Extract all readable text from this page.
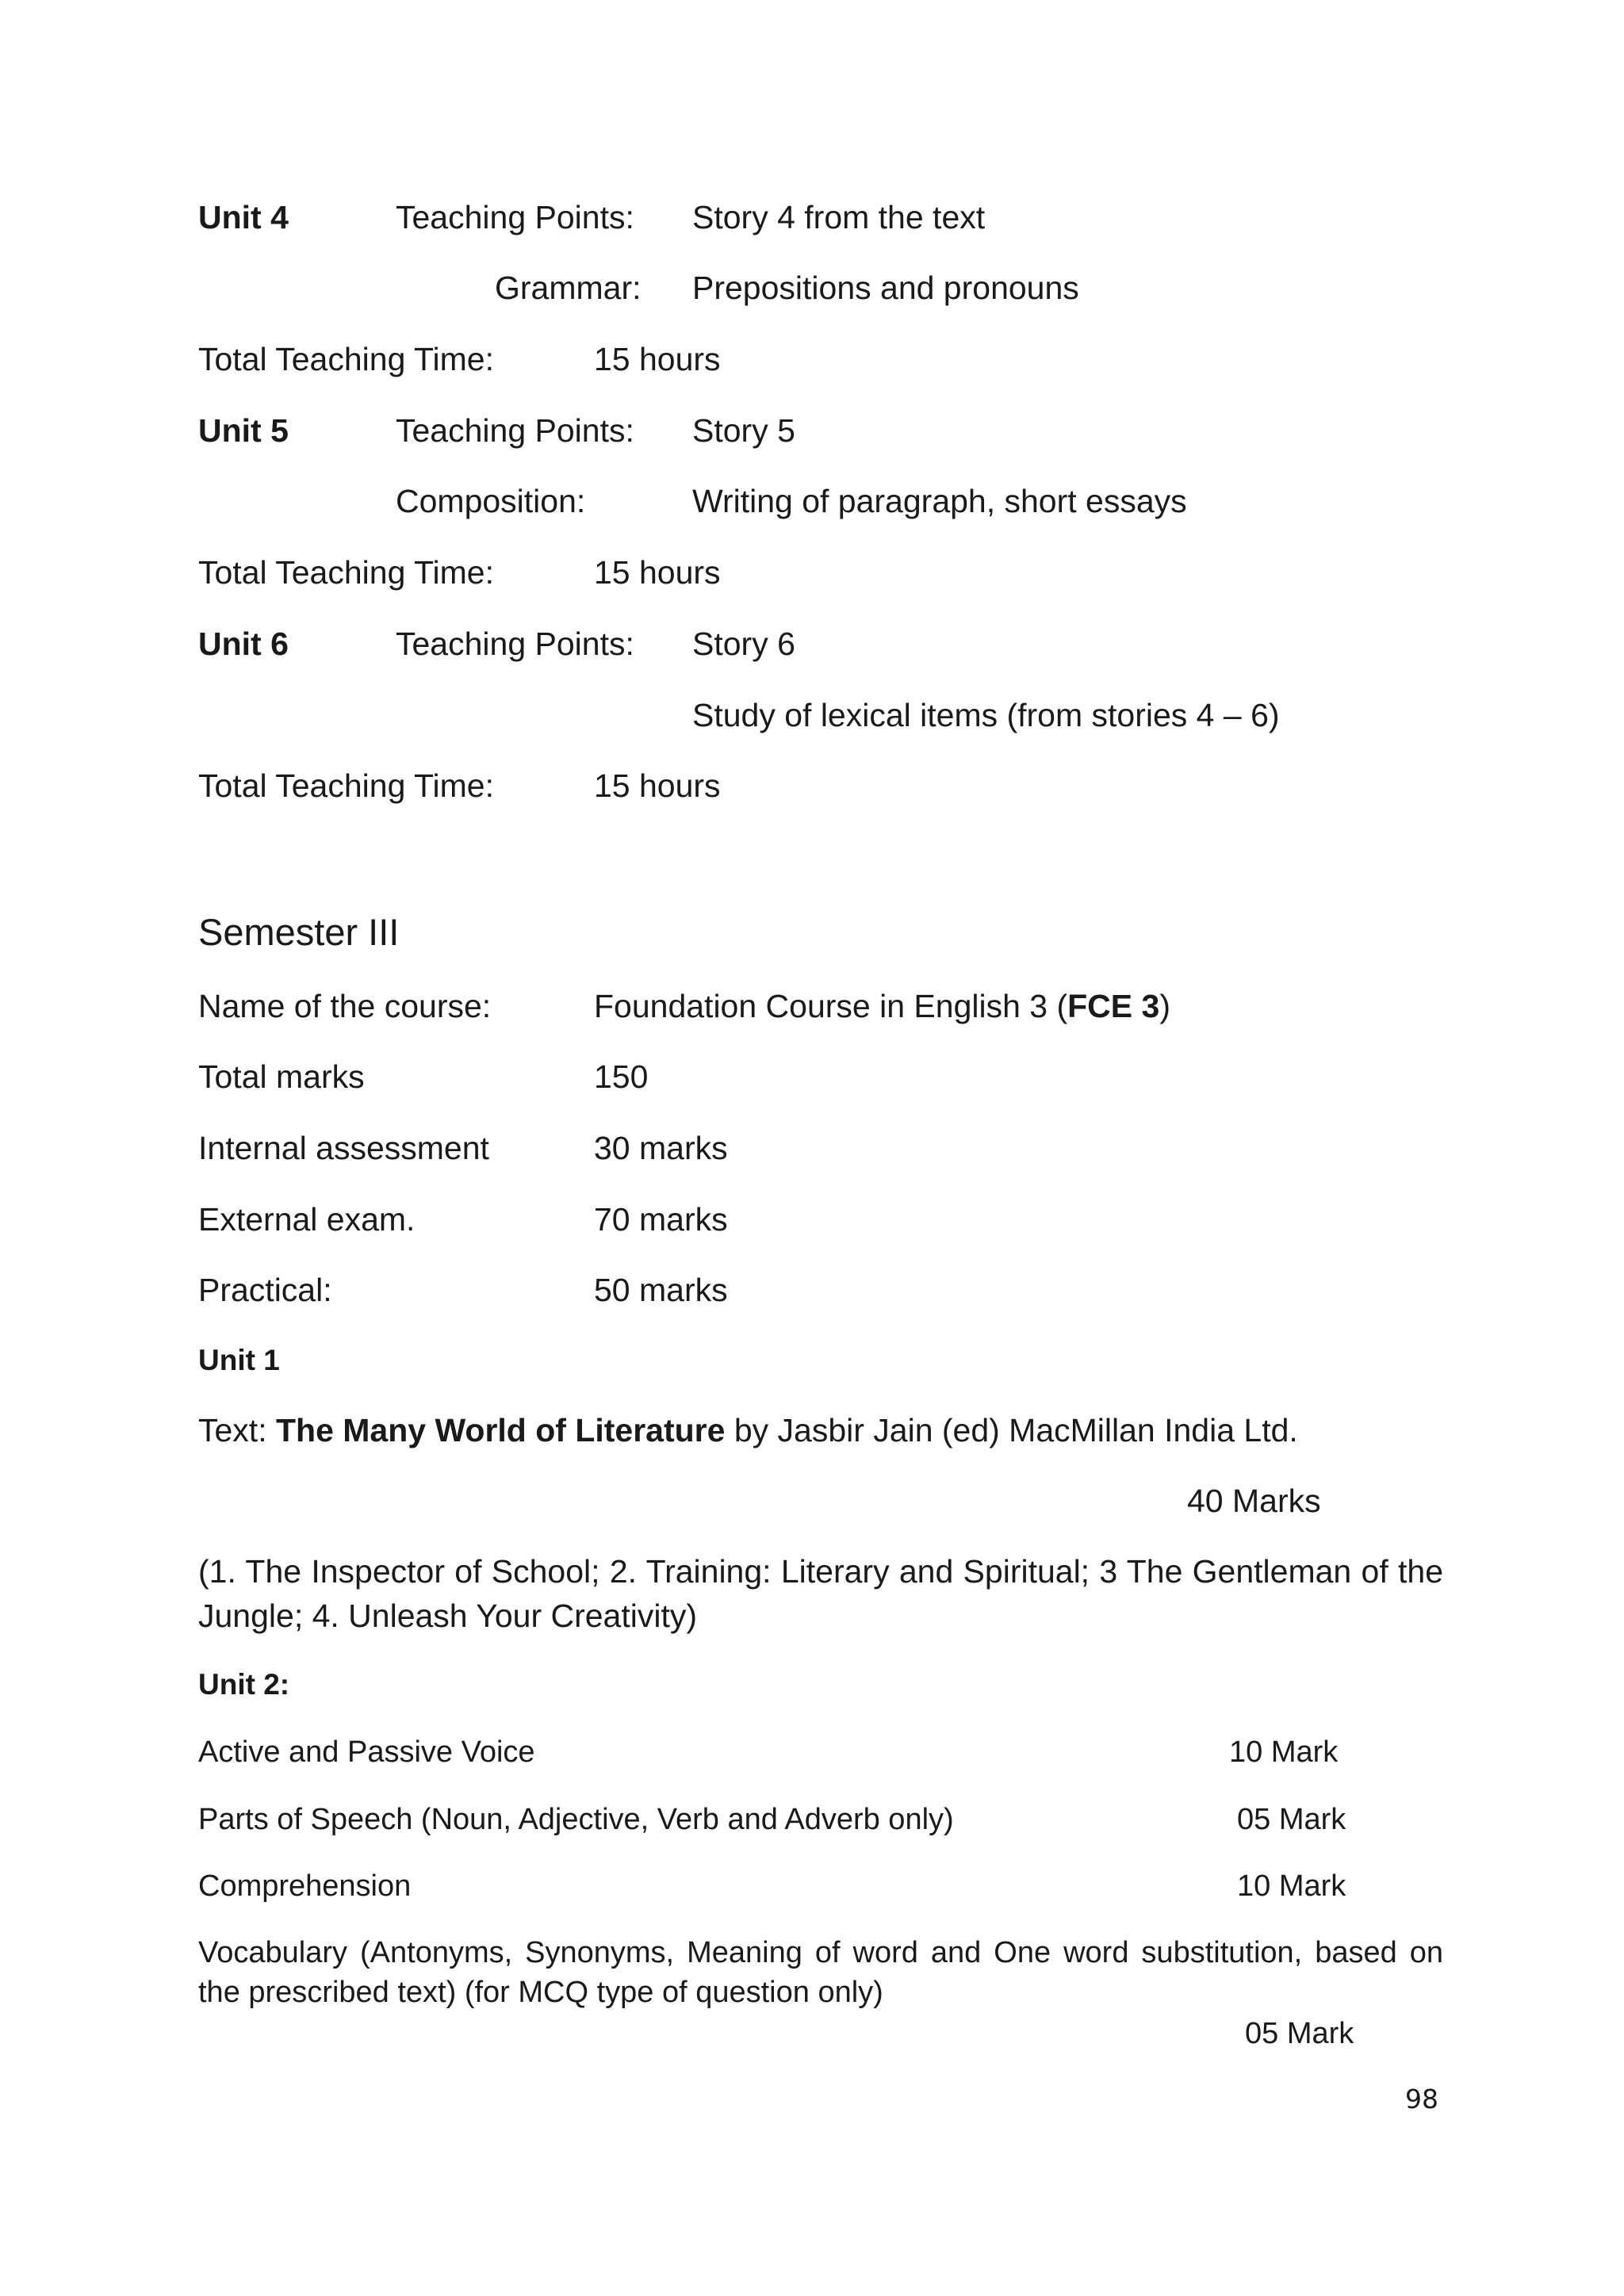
Unit 4	Teaching Points: Story 4 from the text
Grammar: Prepositions and pronouns
Total Teaching Time:	15 hours
Unit 5	Teaching Points: Story 5
Composition:	Writing of paragraph, short essays
Total Teaching Time:	15 hours
Unit 6	Teaching Points: Story 6
Study of lexical items (from stories 4 – 6)
Total Teaching Time:	15 hours
Semester III
Name of the course:	Foundation Course in English 3 (FCE 3)
Total marks	150
Internal assessment	30 marks
External exam.	70 marks
Practical:	50 marks
Unit 1
Text: The Many World of Literature by Jasbir Jain (ed) MacMillan India Ltd.
40 Marks
(1. The Inspector of School; 2. Training: Literary and Spiritual; 3 The Gentleman of the Jungle; 4. Unleash Your Creativity)
Unit 2:
Active and Passive Voice	10 Mark
Parts of Speech (Noun, Adjective, Verb and Adverb only)	05 Mark
Comprehension	10 Mark
Vocabulary (Antonyms, Synonyms, Meaning of word and One word substitution, based on the prescribed text) (for MCQ type of question only)
05 Mark
98
